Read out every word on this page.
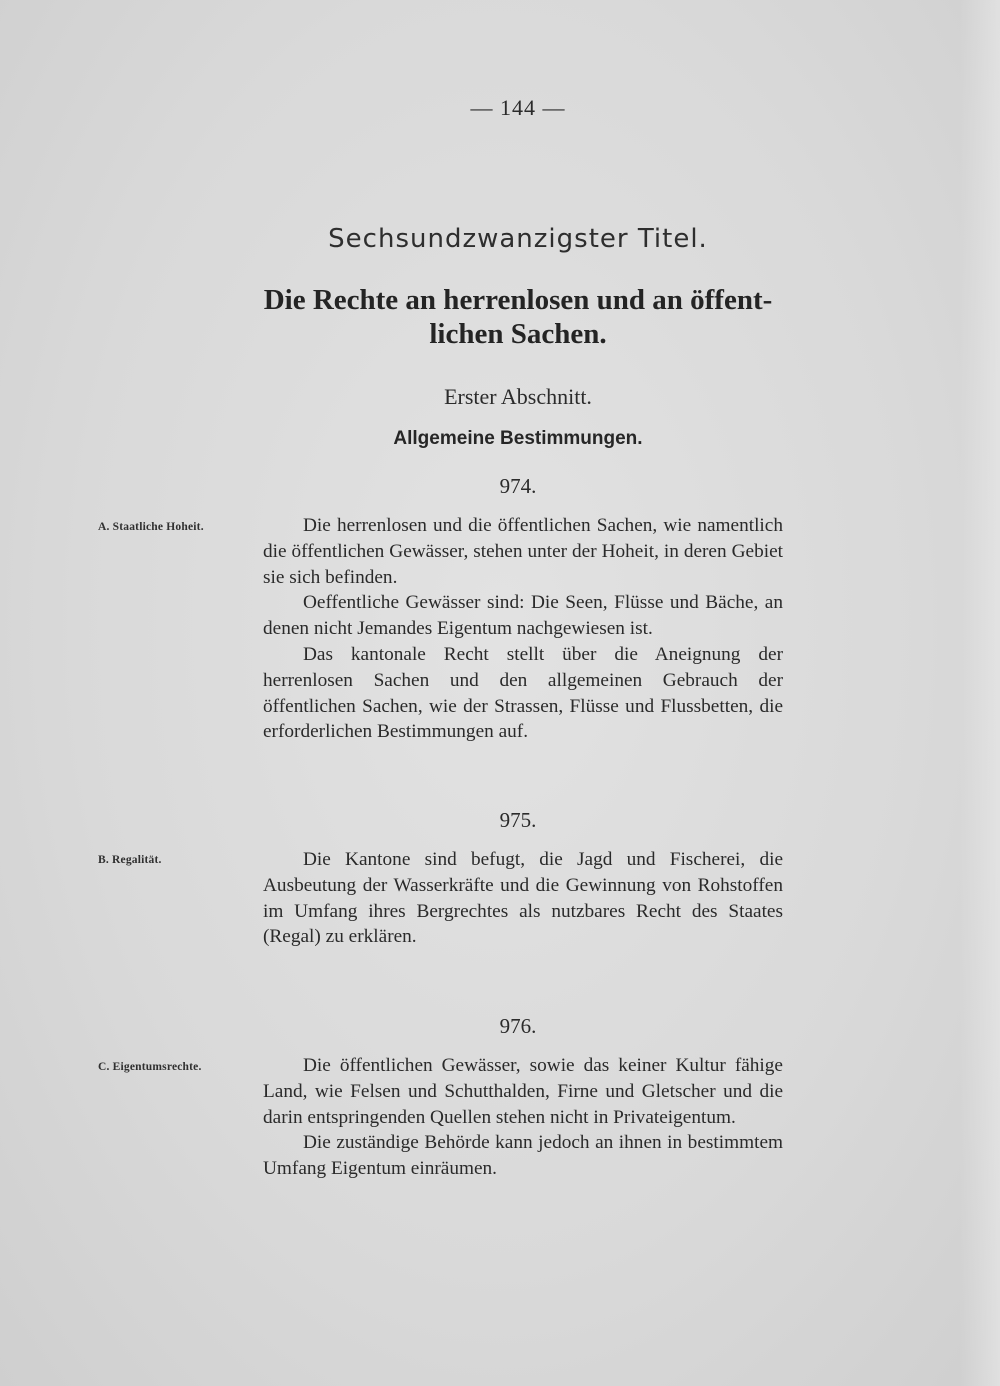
— 144 —
Sechsundzwanzigster Titel.
Die Rechte an herrenlosen und an öffent-
lichen Sachen.
Erster Abschnitt.
Allgemeine Bestimmungen.
974.
A. Staatliche Hoheit.	Die herrenlosen und die öffentlichen Sachen, wie namentlich die öffentlichen Gewässer, stehen unter der Hoheit, in deren Gebiet sie sich befinden.

Oeffentliche Gewässer sind: Die Seen, Flüsse und Bäche, an denen nicht Jemandes Eigentum nachgewiesen ist.

Das kantonale Recht stellt über die Aneignung der herrenlosen Sachen und den allgemeinen Gebrauch der öffentlichen Sachen, wie der Strassen, Flüsse und Flussbetten, die erforderlichen Bestimmungen auf.

975.
B. Regalität.	Die Kantone sind befugt, die Jagd und Fischerei, die Ausbeutung der Wasserkräfte und die Gewinnung von Rohstoffen im Umfang ihres Bergrechtes als nutzbares Recht des Staates (Regal) zu erklären.

976.
C. Eigentumsrechte.	Die öffentlichen Gewässer, sowie das keiner Kultur fähige Land, wie Felsen und Schutthalden, Firne und Gletscher und die darin entspringenden Quellen stehen nicht in Privateigentum.

Die zuständige Behörde kann jedoch an ihnen in bestimmtem Umfang Eigentum einräumen.
